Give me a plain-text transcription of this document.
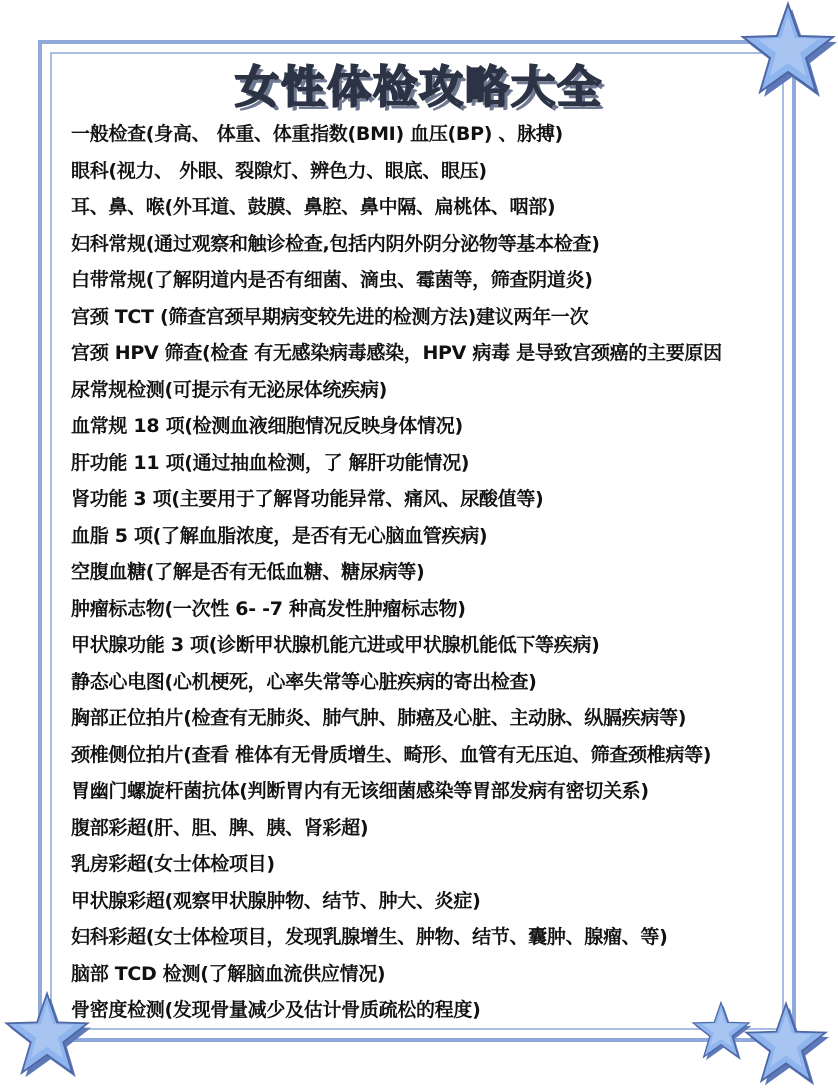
女性体检攻略大全
一般检查(身高、 体重、体重指数(BMI) 血压(BP) 、脉搏)
眼科(视力、 外眼、裂隙灯、辨色力、眼底、眼压)
耳、鼻、喉(外耳道、鼓膜、鼻腔、鼻中隔、扁桃体、咽部)
妇科常规(通过观察和触诊检查,包括内阴外阴分泌物等基本检查)
白带常规(了解阴道内是否有细菌、滴虫、霉菌等，筛查阴道炎)
宫颈 TCT (筛查宫颈早期病变较先进的检测方法)建议两年一次
宫颈 HPV 筛查(检查 有无感染病毒感染，HPV 病毒 是导致宫颈癌的主要原因
尿常规检测(可提示有无泌尿体统疾病)
血常规 18 项(检测血液细胞情况反映身体情况)
肝功能 11 项(通过抽血检测，了 解肝功能情况)
肾功能 3 项(主要用于了解肾功能异常、痛风、尿酸值等)
血脂 5 项(了解血脂浓度，是否有无心脑血管疾病)
空腹血糖(了解是否有无低血糖、糖尿病等)
肿瘤标志物(一次性 6- -7 种高发性肿瘤标志物)
甲状腺功能 3 项(诊断甲状腺机能亢进或甲状腺机能低下等疾病)
静态心电图(心机梗死，心率失常等心脏疾病的寄出检查)
胸部正位拍片(检查有无肺炎、肺气肿、肺癌及心脏、主动脉、纵膈疾病等)
颈椎侧位拍片(查看 椎体有无骨质增生、畸形、血管有无压迫、筛查颈椎病等)
胃幽门螺旋杆菌抗体(判断胃内有无该细菌感染等胃部发病有密切关系)
腹部彩超(肝、胆、脾、胰、肾彩超)
乳房彩超(女士体检项目)
甲状腺彩超(观察甲状腺肿物、结节、肿大、炎症)
妇科彩超(女士体检项目，发现乳腺增生、肿物、结节、囊肿、腺瘤、等)
脑部 TCD 检测(了解脑血流供应情况)
骨密度检测(发现骨量减少及估计骨质疏松的程度)
